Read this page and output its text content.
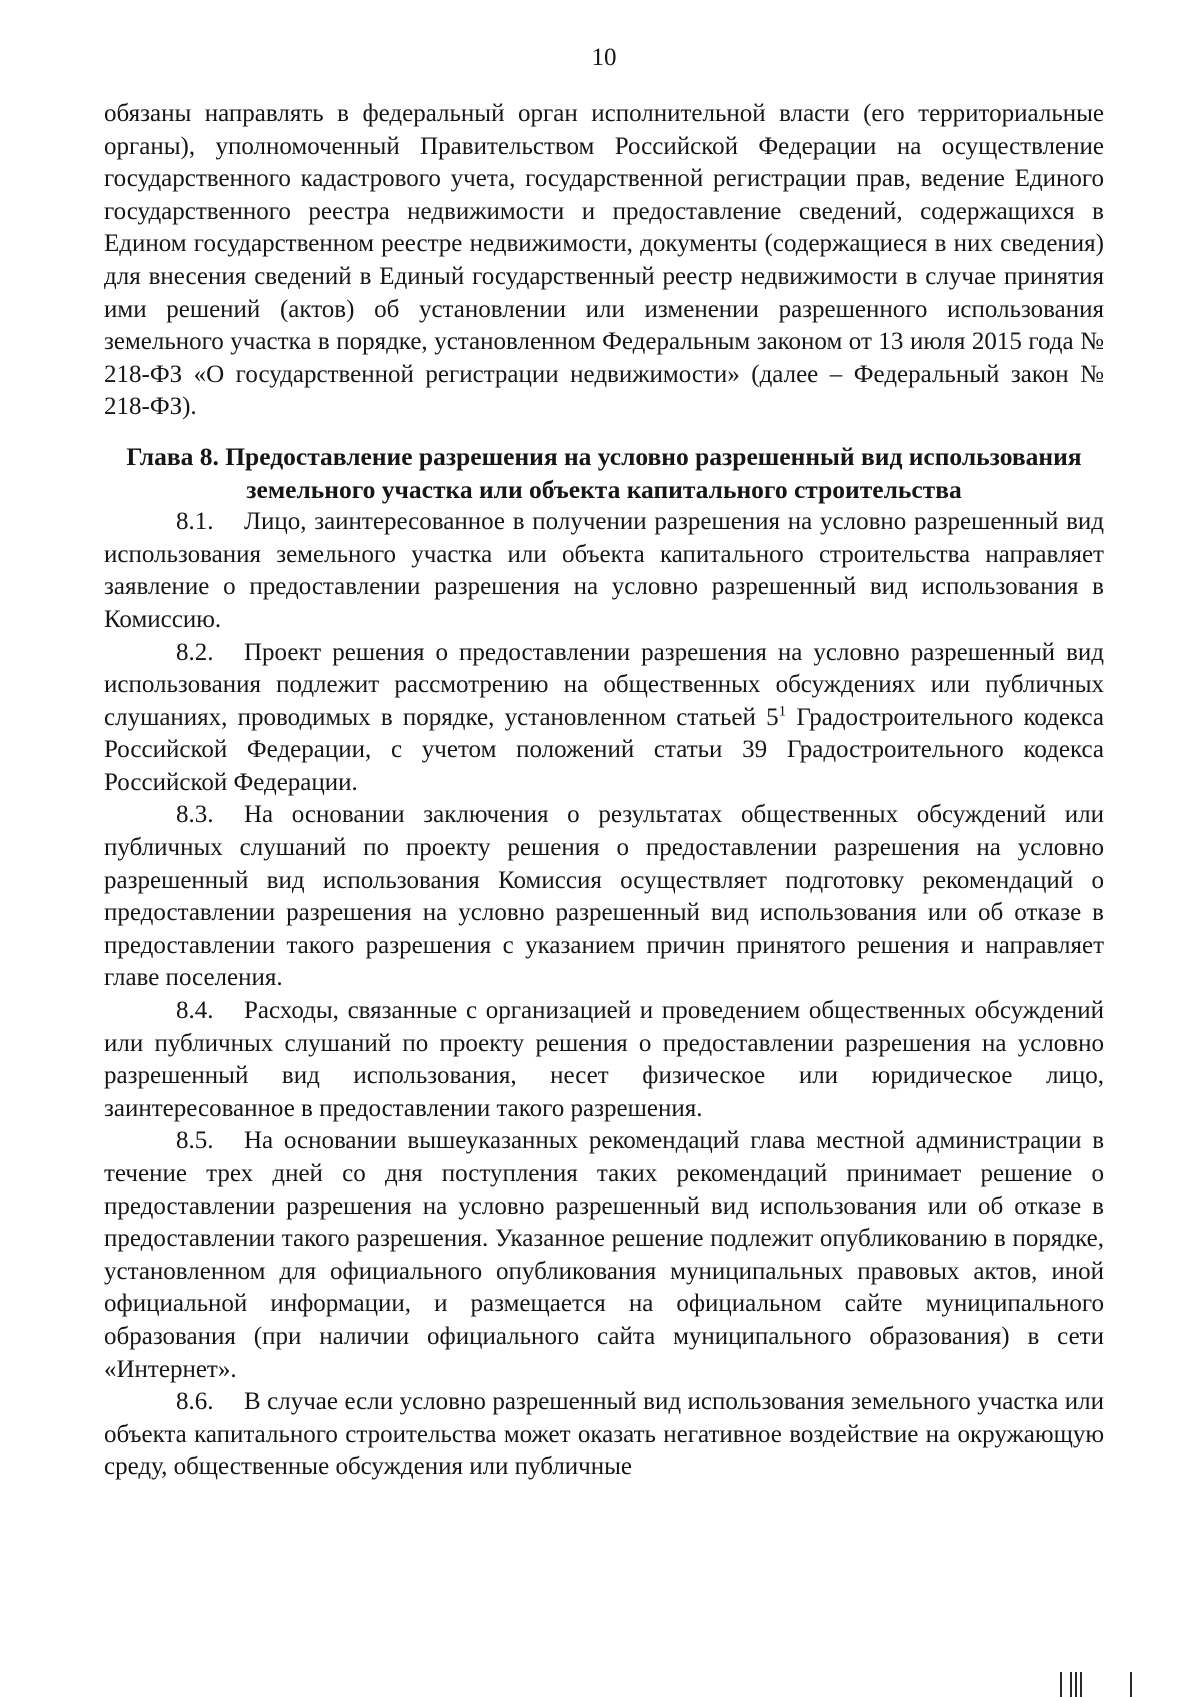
10

обязаны направлять в федеральный орган исполнительной власти (его территориальные органы), уполномоченный Правительством Российской Федерации на осуществление государственного кадастрового учета, государственной регистрации прав, ведение Единого государственного реестра недвижимости и предоставление сведений, содержащихся в Едином государственном реестре недвижимости, документы (содержащиеся в них сведения) для внесения сведений в Единый государственный реестр недвижимости в случае принятия ими решений (актов) об установлении или изменении разрешенного использования земельного участка в порядке, установленном Федеральным законом от 13 июля 2015 года № 218-ФЗ «О государственной регистрации недвижимости» (далее – Федеральный закон № 218-ФЗ).

Глава 8. Предоставление разрешения на условно разрешенный вид использования земельного участка или объекта капитального строительства

8.1. Лицо, заинтересованное в получении разрешения на условно разрешенный вид использования земельного участка или объекта капитального строительства направляет заявление о предоставлении разрешения на условно разрешенный вид использования в Комиссию.

8.2. Проект решения о предоставлении разрешения на условно разрешенный вид использования подлежит рассмотрению на общественных обсуждениях или публичных слушаниях, проводимых в порядке, установленном статьей $5^1$ Градостроительного кодекса Российской Федерации, с учетом положений статьи 39 Градостроительного кодекса Российской Федерации.

8.3. На основании заключения о результатах общественных обсуждений или публичных слушаний по проекту решения о предоставлении разрешения на условно разрешенный вид использования Комиссия осуществляет подготовку рекомендаций о предоставлении разрешения на условно разрешенный вид использования или об отказе в предоставлении такого разрешения с указанием причин принятого решения и направляет главе поселения.

8.4. Расходы, связанные с организацией и проведением общественных обсуждений или публичных слушаний по проекту решения о предоставлении разрешения на условно разрешенный вид использования, несет физическое или юридическое лицо, заинтересованное в предоставлении такого разрешения.

8.5. На основании вышеуказанных рекомендаций глава местной администрации в течение трех дней со дня поступления таких рекомендаций принимает решение о предоставлении разрешения на условно разрешенный вид использования или об отказе в предоставлении такого разрешения. Указанное решение подлежит опубликованию в порядке, установленном для официального опубликования муниципальных правовых актов, иной официальной информации, и размещается на официальном сайте муниципального образования (при наличии официального сайта муниципального образования) в сети «Интернет».

8.6. В случае если условно разрешенный вид использования земельного участка или объекта капитального строительства может оказать негативное воздействие на окружающую среду, общественные обсуждения или публичные
